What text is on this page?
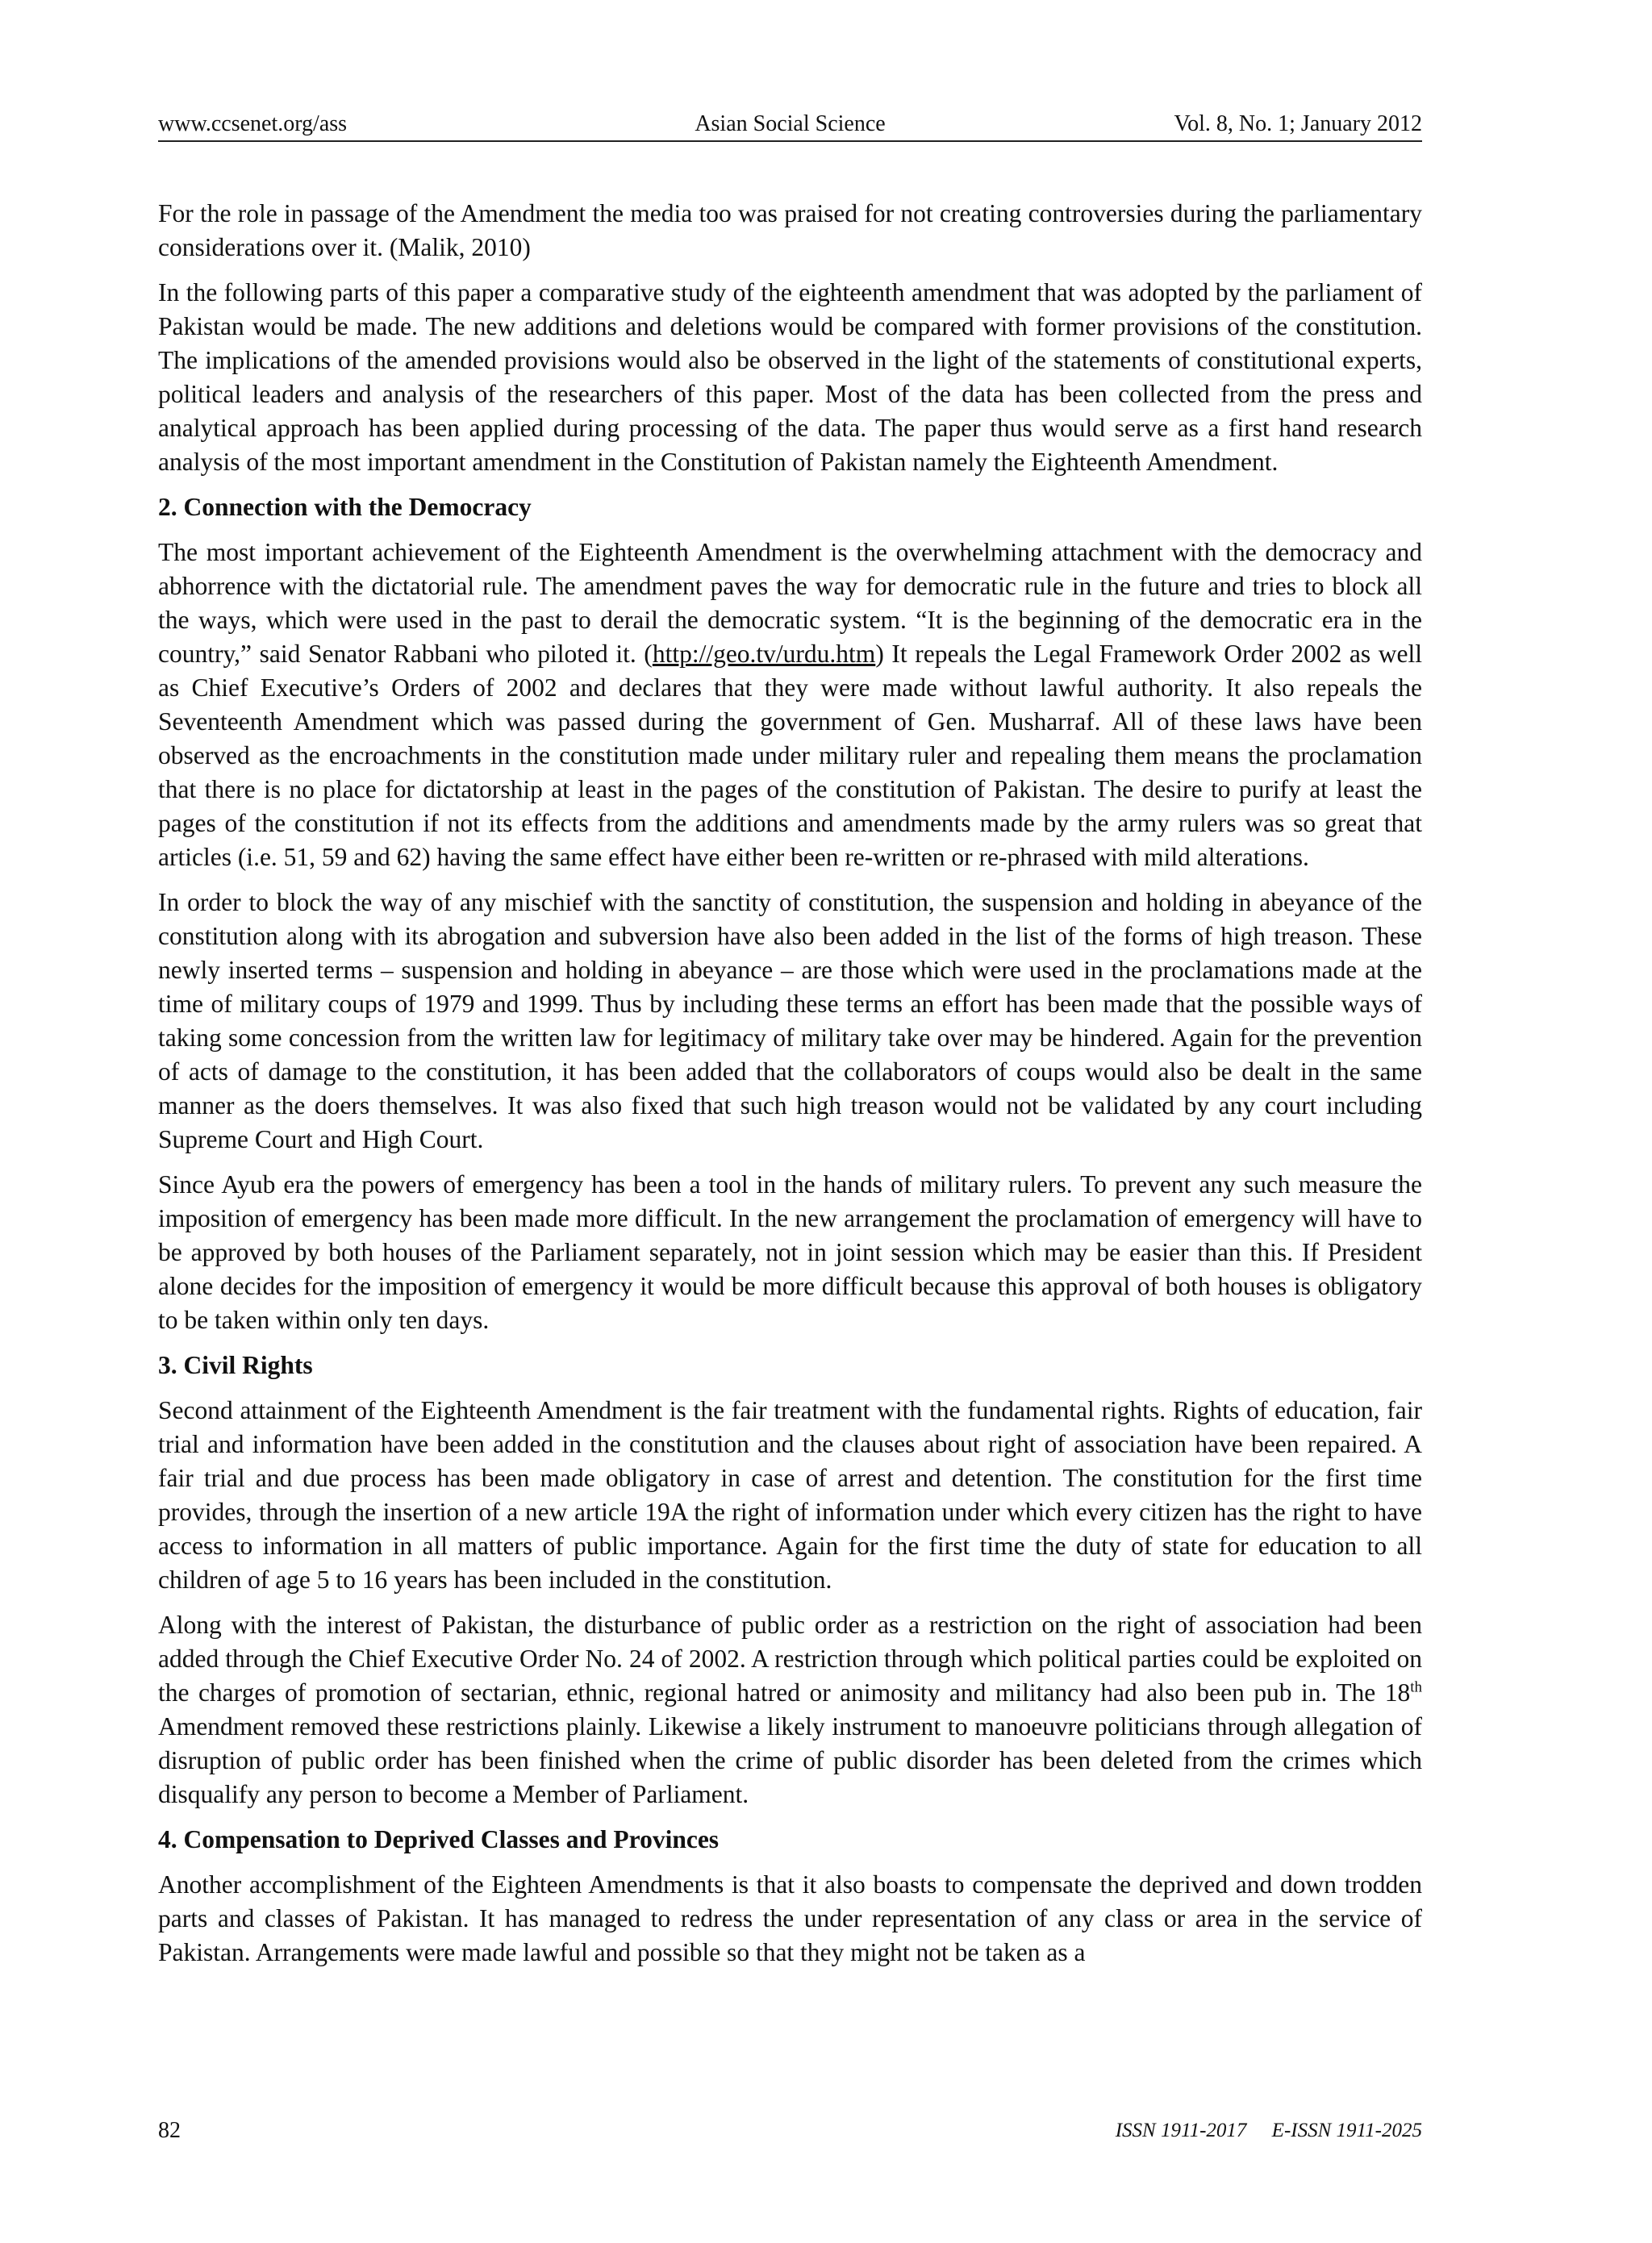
www.ccsenet.org/ass	Asian Social Science	Vol. 8, No. 1; January 2012

For the role in passage of the Amendment the media too was praised for not creating controversies during the parliamentary considerations over it. (Malik, 2010)

In the following parts of this paper a comparative study of the eighteenth amendment that was adopted by the parliament of Pakistan would be made. The new additions and deletions would be compared with former provisions of the constitution. The implications of the amended provisions would also be observed in the light of the statements of constitutional experts, political leaders and analysis of the researchers of this paper. Most of the data has been collected from the press and analytical approach has been applied during processing of the data. The paper thus would serve as a first hand research analysis of the most important amendment in the Constitution of Pakistan namely the Eighteenth Amendment.

2. Connection with the Democracy

The most important achievement of the Eighteenth Amendment is the overwhelming attachment with the democracy and abhorrence with the dictatorial rule. The amendment paves the way for democratic rule in the future and tries to block all the ways, which were used in the past to derail the democratic system. “It is the beginning of the democratic era in the country,” said Senator Rabbani who piloted it. (http://geo.tv/urdu.htm) It repeals the Legal Framework Order 2002 as well as Chief Executive’s Orders of 2002 and declares that they were made without lawful authority. It also repeals the Seventeenth Amendment which was passed during the government of Gen. Musharraf. All of these laws have been observed as the encroachments in the constitution made under military ruler and repealing them means the proclamation that there is no place for dictatorship at least in the pages of the constitution of Pakistan. The desire to purify at least the pages of the constitution if not its effects from the additions and amendments made by the army rulers was so great that articles (i.e. 51, 59 and 62) having the same effect have either been re-written or re-phrased with mild alterations.

In order to block the way of any mischief with the sanctity of constitution, the suspension and holding in abeyance of the constitution along with its abrogation and subversion have also been added in the list of the forms of high treason. These newly inserted terms – suspension and holding in abeyance – are those which were used in the proclamations made at the time of military coups of 1979 and 1999. Thus by including these terms an effort has been made that the possible ways of taking some concession from the written law for legitimacy of military take over may be hindered. Again for the prevention of acts of damage to the constitution, it has been added that the collaborators of coups would also be dealt in the same manner as the doers themselves. It was also fixed that such high treason would not be validated by any court including Supreme Court and High Court.

Since Ayub era the powers of emergency has been a tool in the hands of military rulers. To prevent any such measure the imposition of emergency has been made more difficult. In the new arrangement the proclamation of emergency will have to be approved by both houses of the Parliament separately, not in joint session which may be easier than this. If President alone decides for the imposition of emergency it would be more difficult because this approval of both houses is obligatory to be taken within only ten days.

3. Civil Rights

Second attainment of the Eighteenth Amendment is the fair treatment with the fundamental rights. Rights of education, fair trial and information have been added in the constitution and the clauses about right of association have been repaired. A fair trial and due process has been made obligatory in case of arrest and detention. The constitution for the first time provides, through the insertion of a new article 19A the right of information under which every citizen has the right to have access to information in all matters of public importance. Again for the first time the duty of state for education to all children of age 5 to 16 years has been included in the constitution.

Along with the interest of Pakistan, the disturbance of public order as a restriction on the right of association had been added through the Chief Executive Order No. 24 of 2002. A restriction through which political parties could be exploited on the charges of promotion of sectarian, ethnic, regional hatred or animosity and militancy had also been pub in. The 18th Amendment removed these restrictions plainly. Likewise a likely instrument to manoeuvre politicians through allegation of disruption of public order has been finished when the crime of public disorder has been deleted from the crimes which disqualify any person to become a Member of Parliament.

4. Compensation to Deprived Classes and Provinces

Another accomplishment of the Eighteen Amendments is that it also boasts to compensate the deprived and down trodden parts and classes of Pakistan. It has managed to redress the under representation of any class or area in the service of Pakistan. Arrangements were made lawful and possible so that they might not be taken as a

82	ISSN 1911-2017     E-ISSN 1911-2025
